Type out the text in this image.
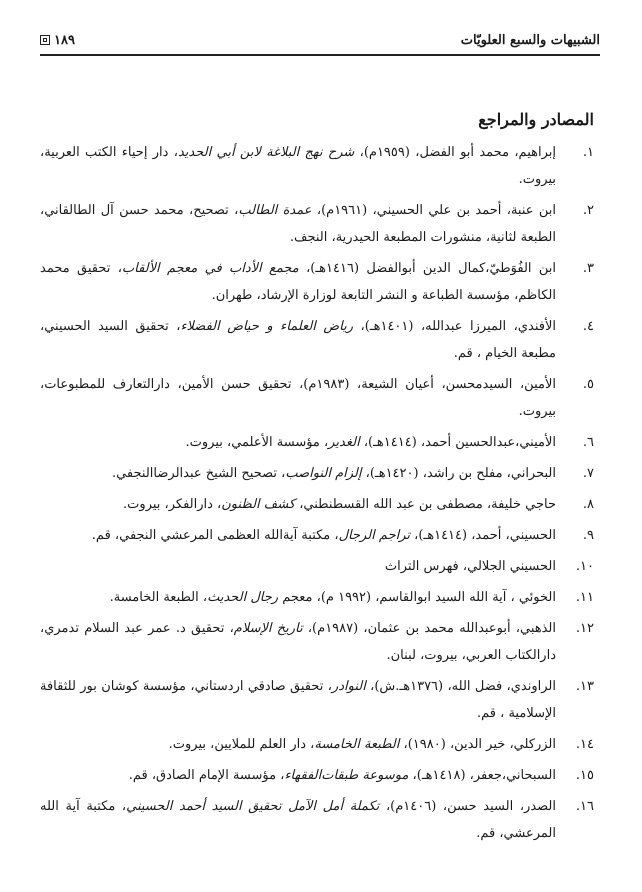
الشبيهات والسبع العلويّات
١٨٩
المصادر والمراجع
١.
إبراهيم، محمد أبو الفضل، (١٩٥٩م)، شرح نهج البلاغة لابن أبي الحديد، دار إحياء الكتب العربية، بيروت.
٢.
ابن عنبة، أحمد بن علي الحسيني، (١٩٦١م)، عمدة الطالب، تصحيح، محمد حسن آل الطالقاني، الطبعة لثانية، منشورات المطبعة الحيدرية، النجف.
٣.
ابن الفُوَطيّ،كمال الدين أبوالفضل (١٤١٦هـ)، مجمع الأداب في معجم الألقاب، تحقيق محمد الكاظم، مؤسسة الطباعة و النشر التابعة لوزارة الإرشاد، طهران.
٤.
الأفندي، الميرزا عبدالله، (١٤٠١هـ)، رياض العلماء و حياض الفضلاء، تحقيق السيد الحسيني، مطبعة الخيام ، قم.
٥.
الأمين، السيدمحسن، أعيان الشيعة، (١٩٨٣م)، تحقيق حسن الأمين، دارالتعارف للمطبوعات، بيروت.
٦.
الأميني،عبدالحسين أحمد، (١٤١٤هـ)، الغدير، مؤسسة الأعلمي، بيروت.
٧.
البحراني، مفلح بن راشد، (١٤٢٠هـ)، إلزام النواصب، تصحيح الشيخ عبدالرضاالنجفي.
٨.
حاجي خليفة، مصطفى بن عبد الله القسطنطني، كشف الظنون، دارالفكر، بيروت.
٩.
الحسيني، أحمد، (١٤١٤هـ)، تراجم الرجال، مكتبة آيةالله العظمى المرعشي النجفي، قم.
١٠.
الحسيني الجلالي، فهرس التراث
١١.
الخوئي ، آية الله السيد ابوالقاسم، (١٩٩٢ م)، معجم رجال الحديث، الطبعة الخامسة.
١٢.
الذهبي، أبوعبدالله محمد بن عثمان، (١٩٨٧م)، تاريخ الإسلام، تحقيق د. عمر عبد السلام تدمري، دارالكتاب العربي، بيروت، لبنان.
١٣.
الراوندي، فضل الله، (١٣٧٦هـ.ش)، النوادر، تحقيق صادقي اردستاني، مؤسسة كوشان بور للثقافة الإسلامية ، قم.
١٤.
الزركلي، خير الدين، (١٩٨٠)، الطبعة الخامسة، دار العلم للملايين، بيروت.
١٥.
السبحاني،جعفر، (١٤١٨هـ)، موسوعة طبقات‌الفقهاء، مؤسسة الإمام الصادق، قم.
١٦.
الصدر، السيد حسن، (١٤٠٦م)، تكملة أمل الآمل تحقيق السيد أحمد الحسيني، مكتبة آية الله المرعشي، قم.
